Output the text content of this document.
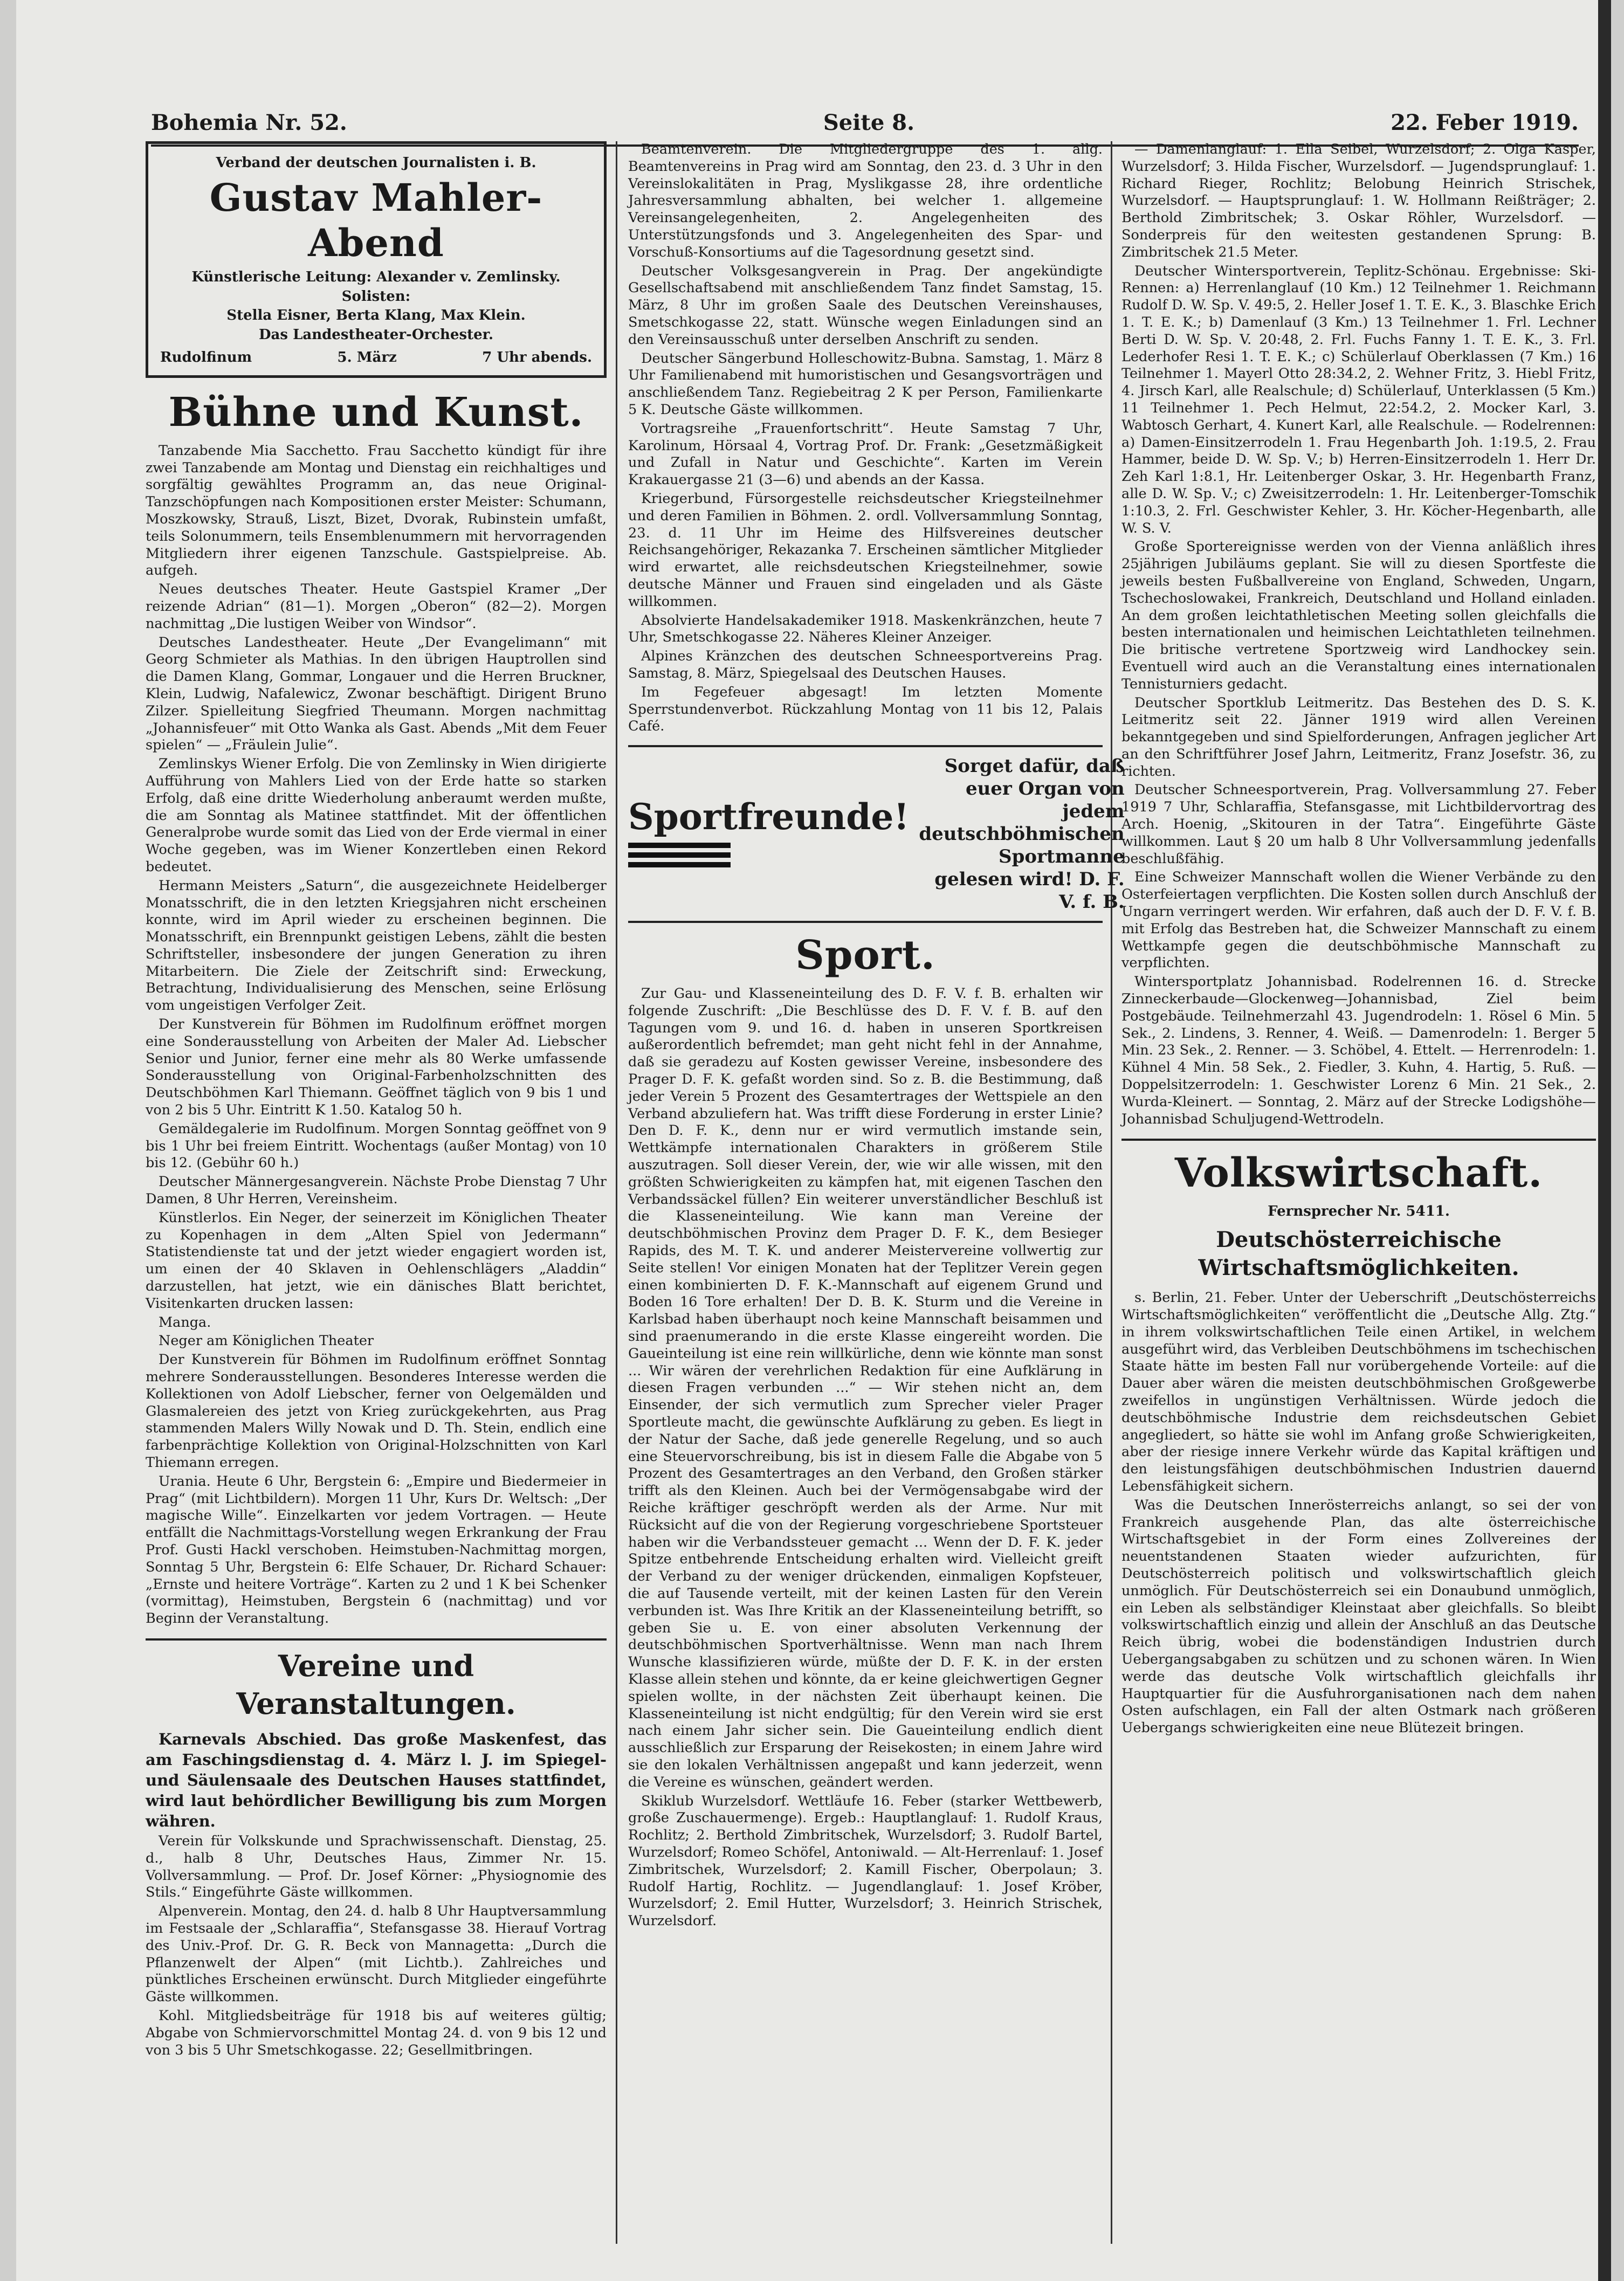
Bohemia Nr. 52.	Seite 8.	22. Feber 1919.
Verband der deutschen Journalisten i. B.
Gustav Mahler-Abend
Künstlerische Leitung: Alexander v. Zemlinsky.
Solisten:
Stella Eisner, Berta Klang, Max Klein.
Das Landestheater-Orchester.
Rudolfinum	5. März	7 Uhr abends.
Bühne und Kunst.

Tanzabende Mia Sacchetto. Frau Sacchetto kündigt für ihre zwei Tanzabende am Montag und Dienstag ein reichhaltiges und sorgfältig gewähltes Programm an, das neue Original-Tanzschöpfungen nach Kompositionen erster Meister: Schumann, Moszkowsky, Strauß, Liszt, Bizet, Dvorak, Rubinstein umfaßt, teils Solonummern, teils Ensemblenummern mit hervorragenden Mitgliedern ihrer eigenen Tanzschule. Gastspielpreise. Ab. aufgeh.

Neues deutsches Theater. Heute Gastspiel Kramer „Der reizende Adrian“ (81—1). Morgen „Oberon“ (82—2). Morgen nachmittag „Die lustigen Weiber von Windsor“.

Deutsches Landestheater. Heute „Der Evangelimann“ mit Georg Schmieter als Mathias. In den übrigen Hauptrollen sind die Damen Klang, Gommar, Longauer und die Herren Bruckner, Klein, Ludwig, Nafalewicz, Zwonar beschäftigt. Dirigent Bruno Zilzer. Spielleitung Siegfried Theumann. Morgen nachmittag „Johannisfeuer“ mit Otto Wanka als Gast. Abends „Mit dem Feuer spielen“ — „Fräulein Julie“.

Zemlinskys Wiener Erfolg. Die von Zemlinsky in Wien dirigierte Aufführung von Mahlers Lied von der Erde hatte so starken Erfolg, daß eine dritte Wiederholung anberaumt werden mußte, die am Sonntag als Matinee stattfindet. Mit der öffentlichen Generalprobe wurde somit das Lied von der Erde viermal in einer Woche gegeben, was im Wiener Konzertleben einen Rekord bedeutet.

Hermann Meisters „Saturn“, die ausgezeichnete Heidelberger Monatsschrift, die in den letzten Kriegsjahren nicht erscheinen konnte, wird im April wieder zu erscheinen beginnen. Die Monatsschrift, ein Brennpunkt geistigen Lebens, zählt die besten Schriftsteller, insbesondere der jungen Generation zu ihren Mitarbeitern. Die Ziele der Zeitschrift sind: Erweckung, Betrachtung, Individualisierung des Menschen, seine Erlösung vom ungeistigen Verfolger Zeit.

Der Kunstverein für Böhmen im Rudolfinum eröffnet morgen eine Sonderausstellung von Arbeiten der Maler Ad. Liebscher Senior und Junior, ferner eine mehr als 80 Werke umfassende Sonderausstellung von Original-Farbenholzschnitten des Deutschböhmen Karl Thiemann. Geöffnet täglich von 9 bis 1 und von 2 bis 5 Uhr. Eintritt K 1.50. Katalog 50 h.

Gemäldegalerie im Rudolfinum. Morgen Sonntag geöffnet von 9 bis 1 Uhr bei freiem Eintritt. Wochentags (außer Montag) von 10 bis 12. (Gebühr 60 h.)

Deutscher Männergesangverein. Nächste Probe Dienstag 7 Uhr Damen, 8 Uhr Herren, Vereinsheim.

Künstlerlos. Ein Neger, der seinerzeit im Königlichen Theater zu Kopenhagen in dem „Alten Spiel von Jedermann“ Statistendienste tat und der jetzt wieder engagiert worden ist, um einen der 40 Sklaven in Oehlenschlägers „Aladdin“ darzustellen, hat jetzt, wie ein dänisches Blatt berichtet, Visitenkarten drucken lassen:

Manga.

Neger am Königlichen Theater

Der Kunstverein für Böhmen im Rudolfinum eröffnet Sonntag mehrere Sonderausstellungen. Besonderes Interesse werden die Kollektionen von Adolf Liebscher, ferner von Oelgemälden und Glasmalereien des jetzt von Krieg zurückgekehrten, aus Prag stammenden Malers Willy Nowak und D. Th. Stein, endlich eine farbenprächtige Kollektion von Original-Holzschnitten von Karl Thiemann erregen.

Urania. Heute 6 Uhr, Bergstein 6: „Empire und Biedermeier in Prag“ (mit Lichtbildern). Morgen 11 Uhr, Kurs Dr. Weltsch: „Der magische Wille“. Einzelkarten vor jedem Vortragen. — Heute entfällt die Nachmittags-Vorstellung wegen Erkrankung der Frau Prof. Gusti Hackl verschoben. Heimstuben-Nachmittag morgen, Sonntag 5 Uhr, Bergstein 6: Elfe Schauer, Dr. Richard Schauer: „Ernste und heitere Vorträge“. Karten zu 2 und 1 K bei Schenker (vormittag), Heimstuben, Bergstein 6 (nachmittag) und vor Beginn der Veranstaltung.

Vereine und Veranstaltungen.

Karnevals Abschied. Das große Maskenfest, das am Faschingsdienstag d. 4. März l. J. im Spiegel- und Säulensaale des Deutschen Hauses stattfindet, wird laut behördlicher Bewilligung bis zum Morgen währen.

Verein für Volkskunde und Sprachwissenschaft. Dienstag, 25. d., halb 8 Uhr, Deutsches Haus, Zimmer Nr. 15. Vollversammlung. — Prof. Dr. Josef Körner: „Physiognomie des Stils.“ Eingeführte Gäste willkommen.

Alpenverein. Montag, den 24. d. halb 8 Uhr Hauptversammlung im Festsaale der „Schlaraffia“, Stefansgasse 38. Hierauf Vortrag des Univ.-Prof. Dr. G. R. Beck von Mannagetta: „Durch die Pflanzenwelt der Alpen“ (mit Lichtb.). Zahlreiches und pünktliches Erscheinen erwünscht. Durch Mitglieder eingeführte Gäste willkommen.

Kohl. Mitgliedsbeiträge für 1918 bis auf weiteres gültig; Abgabe von Schmiervorschmittel Montag 24. d. von 9 bis 12 und von 3 bis 5 Uhr Smetschkogasse. 22; Gesellmitbringen.

Beamtenverein. Die Mitgliedergruppe des 1. allg. Beamtenvereins in Prag wird am Sonntag, den 23. d. 3 Uhr in den Vereinslokalitäten in Prag, Myslikgasse 28, ihre ordentliche Jahresversammlung abhalten, bei welcher 1. allgemeine Vereinsangelegenheiten, 2. Angelegenheiten des Unterstützungsfonds und 3. Angelegenheiten des Spar- und Vorschuß-Konsortiums auf die Tagesordnung gesetzt sind.

Deutscher Volksgesangverein in Prag. Der angekündigte Gesellschaftsabend mit anschließendem Tanz findet Samstag, 15. März, 8 Uhr im großen Saale des Deutschen Vereinshauses, Smetschkogasse 22, statt. Wünsche wegen Einladungen sind an den Vereinsausschuß unter derselben Anschrift zu senden.

Deutscher Sängerbund Holleschowitz-Bubna. Samstag, 1. März 8 Uhr Familienabend mit humoristischen und Gesangsvorträgen und anschließendem Tanz. Regiebeitrag 2 K per Person, Familienkarte 5 K. Deutsche Gäste willkommen.

Vortragsreihe „Frauenfortschritt“. Heute Samstag 7 Uhr, Karolinum, Hörsaal 4, Vortrag Prof. Dr. Frank: „Gesetzmäßigkeit und Zufall in Natur und Geschichte“. Karten im Verein Krakauergasse 21 (3—6) und abends an der Kassa.

Kriegerbund, Fürsorgestelle reichsdeutscher Kriegsteilnehmer und deren Familien in Böhmen. 2. ordl. Vollversammlung Sonntag, 23. d. 11 Uhr im Heime des Hilfsvereines deutscher Reichsangehöriger, Rekazanka 7. Erscheinen sämtlicher Mitglieder wird erwartet, alle reichsdeutschen Kriegsteilnehmer, sowie deutsche Männer und Frauen sind eingeladen und als Gäste willkommen.

Absolvierte Handelsakademiker 1918. Maskenkränzchen, heute 7 Uhr, Smetschkogasse 22. Näheres Kleiner Anzeiger.

Alpines Kränzchen des deutschen Schneesportvereins Prag. Samstag, 8. März, Spiegelsaal des Deutschen Hauses.

Im Fegefeuer abgesagt! Im letzten Momente Sperrstundenverbot. Rückzahlung Montag von 11 bis 12, Palais Café.

Sportfreunde!
Sorget dafür, daß euer Organ von jedem deutschböhmischen Sportmanne gelesen wird! D. F. V. f. B.
Sport.

Zur Gau- und Klasseneinteilung des D. F. V. f. B. erhalten wir folgende Zuschrift: „Die Beschlüsse des D. F. V. f. B. auf den Tagungen vom 9. und 16. d. haben in unseren Sportkreisen außerordentlich befremdet; man geht nicht fehl in der Annahme, daß sie geradezu auf Kosten gewisser Vereine, insbesondere des Prager D. F. K. gefaßt worden sind. So z. B. die Bestimmung, daß jeder Verein 5 Prozent des Gesamtertrages der Wettspiele an den Verband abzuliefern hat. Was trifft diese Forderung in erster Linie? Den D. F. K., denn nur er wird vermutlich imstande sein, Wettkämpfe internationalen Charakters in größerem Stile auszutragen. Soll dieser Verein, der, wie wir alle wissen, mit den größten Schwierigkeiten zu kämpfen hat, mit eigenen Taschen den Verbandssäckel füllen? Ein weiterer unverständlicher Beschluß ist die Klasseneinteilung. Wie kann man Vereine der deutschböhmischen Provinz dem Prager D. F. K., dem Besieger Rapids, des M. T. K. und anderer Meistervereine vollwertig zur Seite stellen! Vor einigen Monaten hat der Teplitzer Verein gegen einen kombinierten D. F. K.-Mannschaft auf eigenem Grund und Boden 16 Tore erhalten! Der D. B. K. Sturm und die Vereine in Karlsbad haben überhaupt noch keine Mannschaft beisammen und sind praenumerando in die erste Klasse eingereiht worden. Die Gaueinteilung ist eine rein willkürliche, denn wie könnte man sonst ... Wir wären der verehrlichen Redaktion für eine Aufklärung in diesen Fragen verbunden ...“ — Wir stehen nicht an, dem Einsender, der sich vermutlich zum Sprecher vieler Prager Sportleute macht, die gewünschte Aufklärung zu geben. Es liegt in der Natur der Sache, daß jede generelle Regelung, und so auch eine Steuervorschreibung, bis ist in diesem Falle die Abgabe von 5 Prozent des Gesamtertrages an den Verband, den Großen stärker trifft als den Kleinen. Auch bei der Vermögensabgabe wird der Reiche kräftiger geschröpft werden als der Arme. Nur mit Rücksicht auf die von der Regierung vorgeschriebene Sportsteuer haben wir die Verbandssteuer gemacht ... Wenn der D. F. K. jeder Spitze entbehrende Entscheidung erhalten wird. Vielleicht greift der Verband zu der weniger drückenden, einmaligen Kopfsteuer, die auf Tausende verteilt, mit der keinen Lasten für den Verein verbunden ist. Was Ihre Kritik an der Klasseneinteilung betrifft, so geben Sie u. E. von einer absoluten Verkennung der deutschböhmischen Sportverhältnisse. Wenn man nach Ihrem Wunsche klassifizieren würde, müßte der D. F. K. in der ersten Klasse allein stehen und könnte, da er keine gleichwertigen Gegner spielen wollte, in der nächsten Zeit überhaupt keinen. Die Klasseneinteilung ist nicht endgültig; für den Verein wird sie erst nach einem Jahr sicher sein. Die Gaueinteilung endlich dient ausschließlich zur Ersparung der Reisekosten; in einem Jahre wird sie den lokalen Verhältnissen angepaßt und kann jederzeit, wenn die Vereine es wünschen, geändert werden.

Skiklub Wurzelsdorf. Wettläufe 16. Feber (starker Wettbewerb, große Zuschauermenge). Ergeb.: Hauptlanglauf: 1. Rudolf Kraus, Rochlitz; 2. Berthold Zimbritschek, Wurzelsdorf; 3. Rudolf Bartel, Wurzelsdorf; Romeo Schöfel, Antoniwald. — Alt-Herrenlauf: 1. Josef Zimbritschek, Wurzelsdorf; 2. Kamill Fischer, Oberpolaun; 3. Rudolf Hartig, Rochlitz. — Jugendlanglauf: 1. Josef Kröber, Wurzelsdorf; 2. Emil Hutter, Wurzelsdorf; 3. Heinrich Strischek, Wurzelsdorf.

— Damenlanglauf: 1. Ella Seibel, Wurzelsdorf; 2. Olga Kasper, Wurzelsdorf; 3. Hilda Fischer, Wurzelsdorf. — Jugendsprunglauf: 1. Richard Rieger, Rochlitz; Belobung Heinrich Strischek, Wurzelsdorf. — Hauptsprunglauf: 1. W. Hollmann Reißträger; 2. Berthold Zimbritschek; 3. Oskar Röhler, Wurzelsdorf. — Sonderpreis für den weitesten gestandenen Sprung: B. Zimbritschek 21.5 Meter.

Deutscher Wintersportverein, Teplitz-Schönau. Ergebnisse: Ski-Rennen: a) Herrenlanglauf (10 Km.) 12 Teilnehmer 1. Reichmann Rudolf D. W. Sp. V. 49:5, 2. Heller Josef 1. T. E. K., 3. Blaschke Erich 1. T. E. K.; b) Damenlauf (3 Km.) 13 Teilnehmer 1. Frl. Lechner Berti D. W. Sp. V. 20:48, 2. Frl. Fuchs Fanny 1. T. E. K., 3. Frl. Lederhofer Resi 1. T. E. K.; c) Schülerlauf Oberklassen (7 Km.) 16 Teilnehmer 1. Mayerl Otto 28:34.2, 2. Wehner Fritz, 3. Hiebl Fritz, 4. Jirsch Karl, alle Realschule; d) Schülerlauf, Unterklassen (5 Km.) 11 Teilnehmer 1. Pech Helmut, 22:54.2, 2. Mocker Karl, 3. Wabtosch Gerhart, 4. Kunert Karl, alle Realschule. — Rodelrennen: a) Damen-Einsitzerrodeln 1. Frau Hegenbarth Joh. 1:19.5, 2. Frau Hammer, beide D. W. Sp. V.; b) Herren-Einsitzerrodeln 1. Herr Dr. Zeh Karl 1:8.1, Hr. Leitenberger Oskar, 3. Hr. Hegenbarth Franz, alle D. W. Sp. V.; c) Zweisitzerrodeln: 1. Hr. Leitenberger-Tomschik 1:10.3, 2. Frl. Geschwister Kehler, 3. Hr. Köcher-Hegenbarth, alle W. S. V.

Große Sportereignisse werden von der Vienna anläßlich ihres 25jährigen Jubiläums geplant. Sie will zu diesen Sportfeste die jeweils besten Fußballvereine von England, Schweden, Ungarn, Tschechoslowakei, Frankreich, Deutschland und Holland einladen. An dem großen leichtathletischen Meeting sollen gleichfalls die besten internationalen und heimischen Leichtathleten teilnehmen. Die britische vertretene Sportzweig wird Landhockey sein. Eventuell wird auch an die Veranstaltung eines internationalen Tennisturniers gedacht.

Deutscher Sportklub Leitmeritz. Das Bestehen des D. S. K. Leitmeritz seit 22. Jänner 1919 wird allen Vereinen bekanntgegeben und sind Spielforderungen, Anfragen jeglicher Art an den Schriftführer Josef Jahrn, Leitmeritz, Franz Josefstr. 36, zu richten.

Deutscher Schneesportverein, Prag. Vollversammlung 27. Feber 1919 7 Uhr, Schlaraffia, Stefansgasse, mit Lichtbildervortrag des Arch. Hoenig, „Skitouren in der Tatra“. Eingeführte Gäste willkommen. Laut § 20 um halb 8 Uhr Vollversammlung jedenfalls beschlußfähig.

Eine Schweizer Mannschaft wollen die Wiener Verbände zu den Osterfeiertagen verpflichten. Die Kosten sollen durch Anschluß der Ungarn verringert werden. Wir erfahren, daß auch der D. F. V. f. B. mit Erfolg das Bestreben hat, die Schweizer Mannschaft zu einem Wettkampfe gegen die deutschböhmische Mannschaft zu verpflichten.

Wintersportplatz Johannisbad. Rodelrennen 16. d. Strecke Zinneckerbaude—Glockenweg—Johannisbad, Ziel beim Postgebäude. Teilnehmerzahl 43. Jugendrodeln: 1. Rösel 6 Min. 5 Sek., 2. Lindens, 3. Renner, 4. Weiß. — Damenrodeln: 1. Berger 5 Min. 23 Sek., 2. Renner. — 3. Schöbel, 4. Ettelt. — Herrenrodeln: 1. Kühnel 4 Min. 58 Sek., 2. Fiedler, 3. Kuhn, 4. Hartig, 5. Ruß. — Doppelsitzerrodeln: 1. Geschwister Lorenz 6 Min. 21 Sek., 2. Wurda-Kleinert. — Sonntag, 2. März auf der Strecke Lodigshöhe—Johannisbad Schuljugend-Wettrodeln.

Volkswirtschaft.
Fernsprecher Nr. 5411.
Deutschösterreichische Wirtschaftsmöglichkeiten.

s. Berlin, 21. Feber. Unter der Ueberschrift „Deutschösterreichs Wirtschaftsmöglichkeiten“ veröffentlicht die „Deutsche Allg. Ztg.“ in ihrem volkswirtschaftlichen Teile einen Artikel, in welchem ausgeführt wird, das Verbleiben Deutschböhmens im tschechischen Staate hätte im besten Fall nur vorübergehende Vorteile: auf die Dauer aber wären die meisten deutschböhmischen Großgewerbe zweifellos in ungünstigen Verhältnissen. Würde jedoch die deutschböhmische Industrie dem reichsdeutschen Gebiet angegliedert, so hätte sie wohl im Anfang große Schwierigkeiten, aber der riesige innere Verkehr würde das Kapital kräftigen und den leistungsfähigen deutschböhmischen Industrien dauernd Lebensfähigkeit sichern.

Was die Deutschen Innerösterreichs anlangt, so sei der von Frankreich ausgehende Plan, das alte österreichische Wirtschaftsgebiet in der Form eines Zollvereines der neuentstandenen Staaten wieder aufzurichten, für Deutschösterreich politisch und volkswirtschaftlich gleich unmöglich. Für Deutschösterreich sei ein Donaubund unmöglich, ein Leben als selbständiger Kleinstaat aber gleichfalls. So bleibt volkswirtschaftlich einzig und allein der Anschluß an das Deutsche Reich übrig, wobei die bodenständigen Industrien durch Uebergangsabgaben zu schützen und zu schonen wären. In Wien werde das deutsche Volk wirtschaftlich gleichfalls ihr Hauptquartier für die Ausfuhrorganisationen nach dem nahen Osten aufschlagen, ein Fall der alten Ostmark nach größeren Uebergangs schwierigkeiten eine neue Blütezeit bringen.
